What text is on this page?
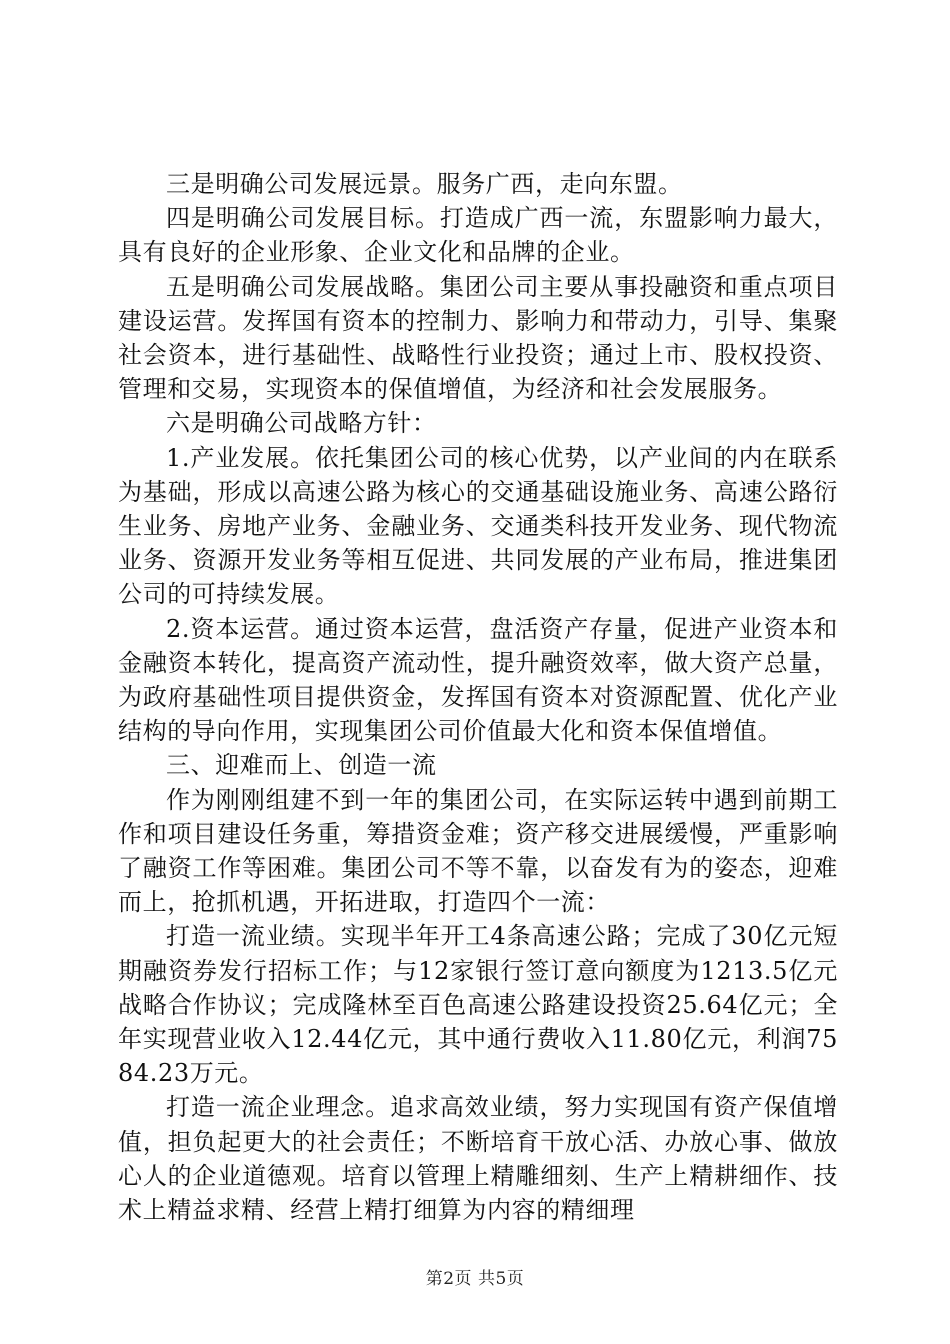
三是明确公司发展远景。服务广西，走向东盟。

四是明确公司发展目标。打造成广西一流，东盟影响力最大，具有良好的企业形象、企业文化和品牌的企业。

五是明确公司发展战略。集团公司主要从事投融资和重点项目建设运营。发挥国有资本的控制力、影响力和带动力，引导、集聚社会资本，进行基础性、战略性行业投资；通过上市、股权投资、管理和交易，实现资本的保值增值，为经济和社会发展服务。

六是明确公司战略方针：

1.产业发展。依托集团公司的核心优势，以产业间的内在联系为基础，形成以高速公路为核心的交通基础设施业务、高速公路衍生业务、房地产业务、金融业务、交通类科技开发业务、现代物流业务、资源开发业务等相互促进、共同发展的产业布局，推进集团公司的可持续发展。

2.资本运营。通过资本运营，盘活资产存量，促进产业资本和金融资本转化，提高资产流动性，提升融资效率，做大资产总量，为政府基础性项目提供资金，发挥国有资本对资源配置、优化产业结构的导向作用，实现集团公司价值最大化和资本保值增值。

三、迎难而上、创造一流

作为刚刚组建不到一年的集团公司，在实际运转中遇到前期工作和项目建设任务重，筹措资金难；资产移交进展缓慢，严重影响了融资工作等困难。集团公司不等不靠，以奋发有为的姿态，迎难而上，抢抓机遇，开拓进取，打造四个一流：

打造一流业绩。实现半年开工4条高速公路；完成了30亿元短期融资券发行招标工作；与12家银行签订意向额度为1213.5亿元战略合作协议；完成隆林至百色高速公路建设投资25.64亿元；全年实现营业收入12.44亿元，其中通行费收入11.80亿元，利润7584.23万元。

打造一流企业理念。追求高效业绩，努力实现国有资产保值增值，担负起更大的社会责任；不断培育干放心活、办放心事、做放心人的企业道德观。培育以管理上精雕细刻、生产上精耕细作、技术上精益求精、经营上精打细算为内容的精细理

第2页 共5页
